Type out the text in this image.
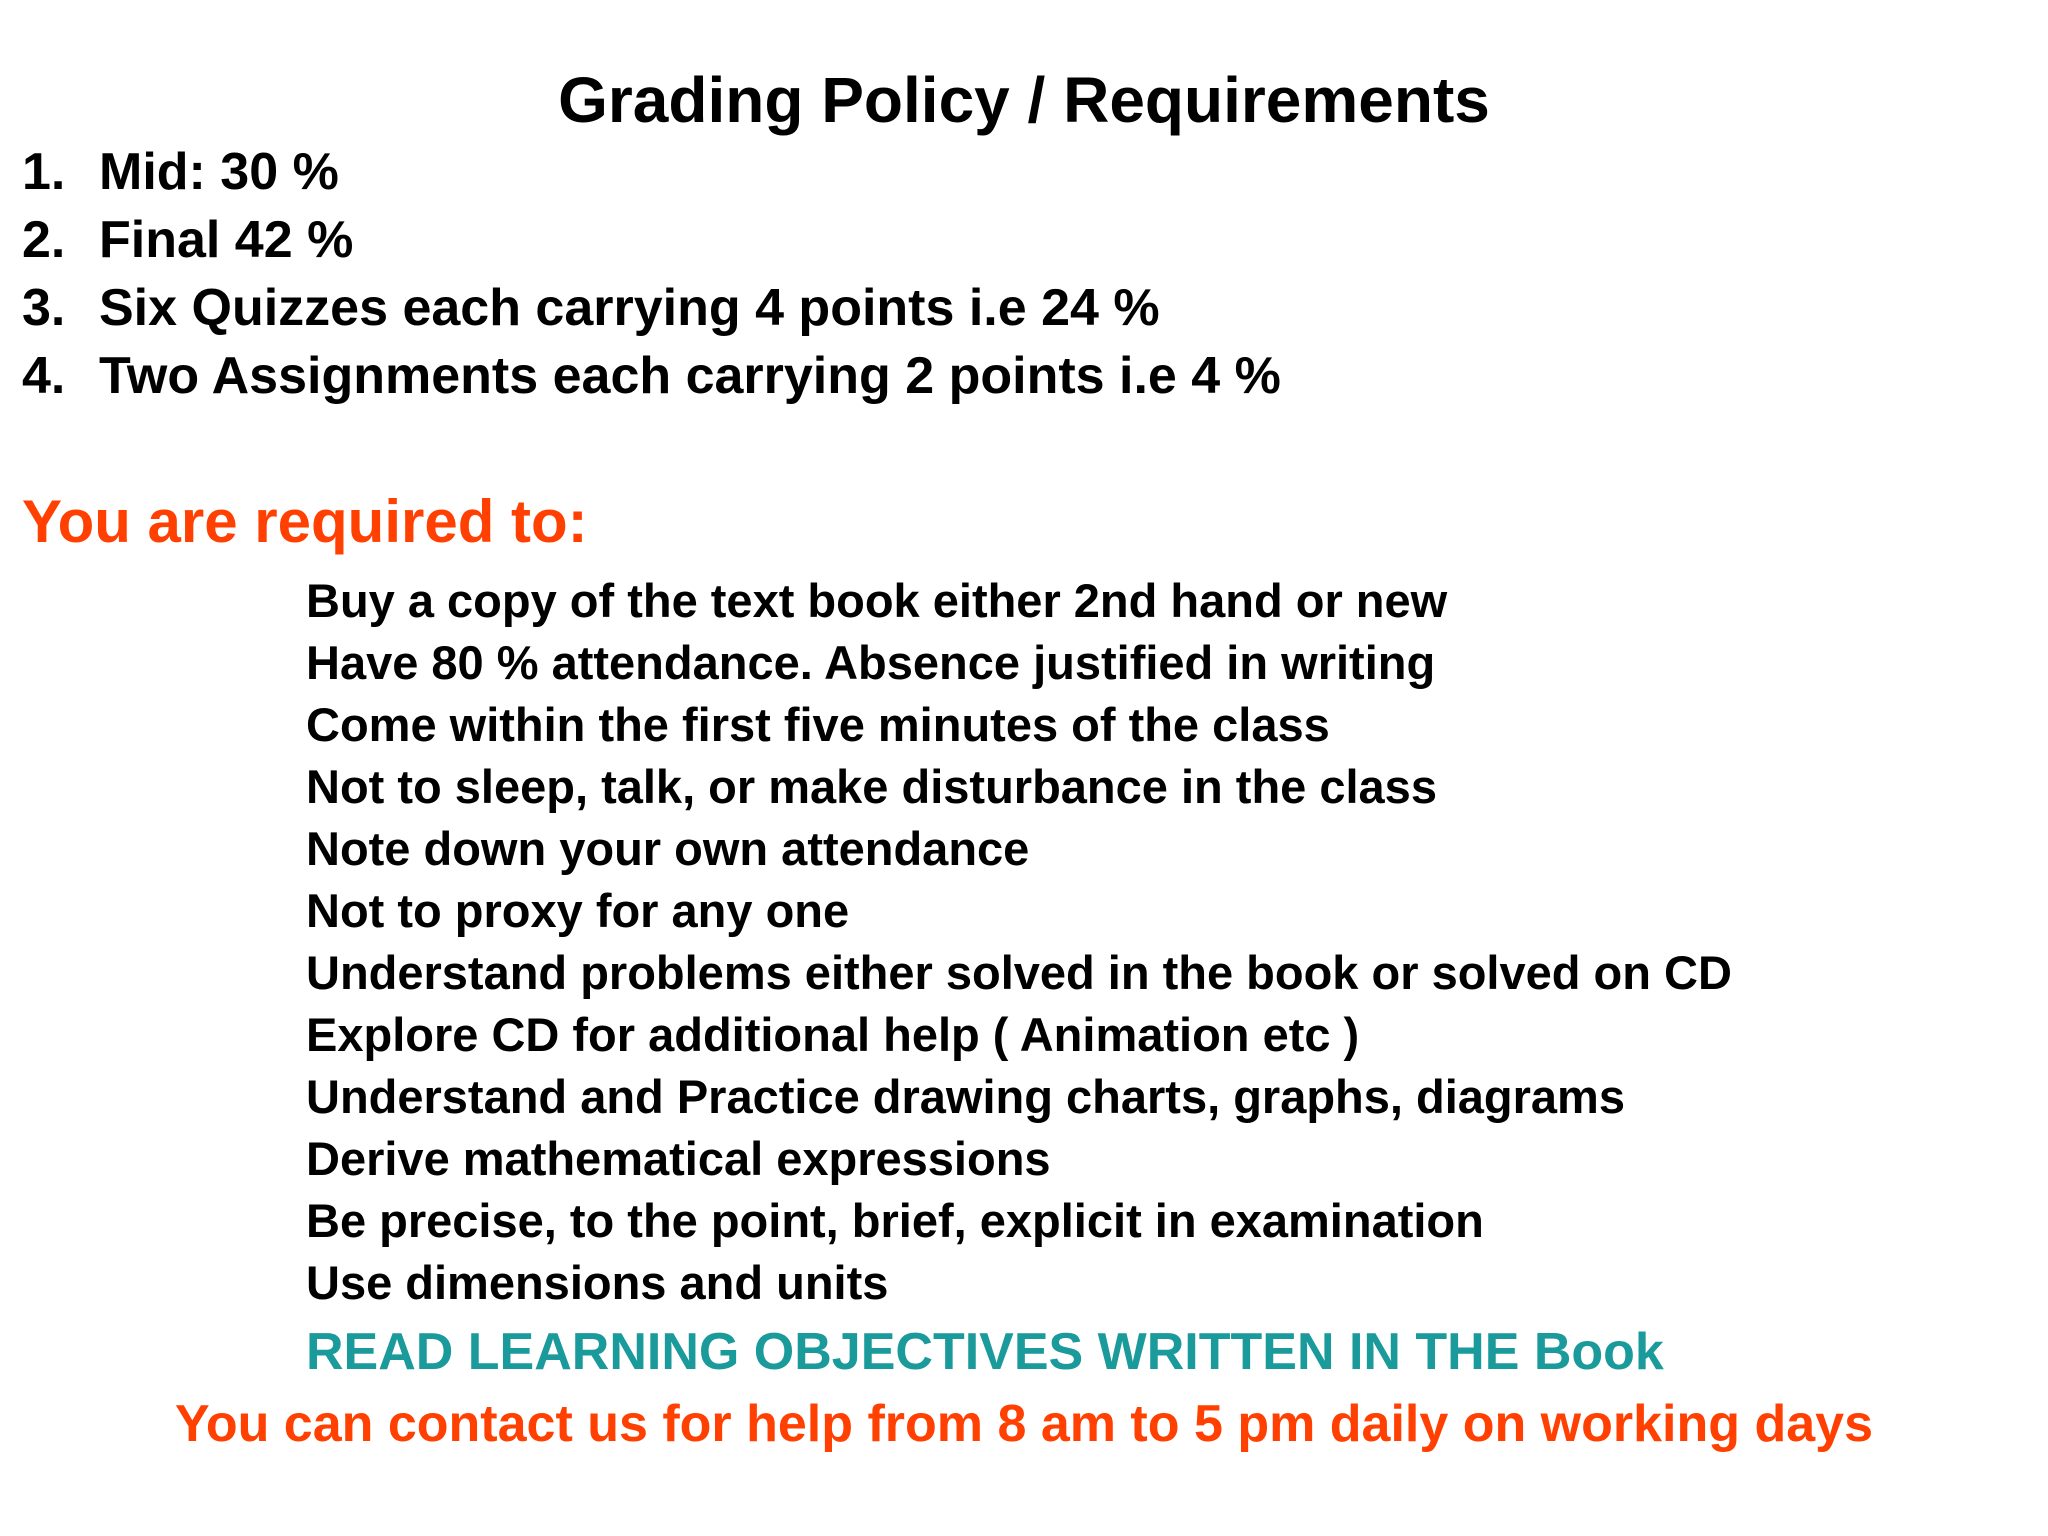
Grading Policy / Requirements
1. Mid: 30 %
2. Final 42 %
3. Six Quizzes each carrying 4 points i.e 24 %
4. Two Assignments each carrying 2 points i.e 4 %
You are required to:
Buy a copy of the text book either 2nd hand or new
Have 80 % attendance. Absence justified in writing
Come within the first five minutes of the class
Not to sleep, talk, or make disturbance in the class
Note down your own attendance
Not to proxy for any one
Understand problems either solved in the book or solved on CD
Explore CD for additional help ( Animation etc )
Understand and Practice drawing charts, graphs, diagrams
Derive mathematical expressions
Be precise, to the point, brief, explicit in examination
Use dimensions and units

READ LEARNING OBJECTIVES WRITTEN IN THE Book

You can contact us for help from 8 am to 5 pm daily on working days
